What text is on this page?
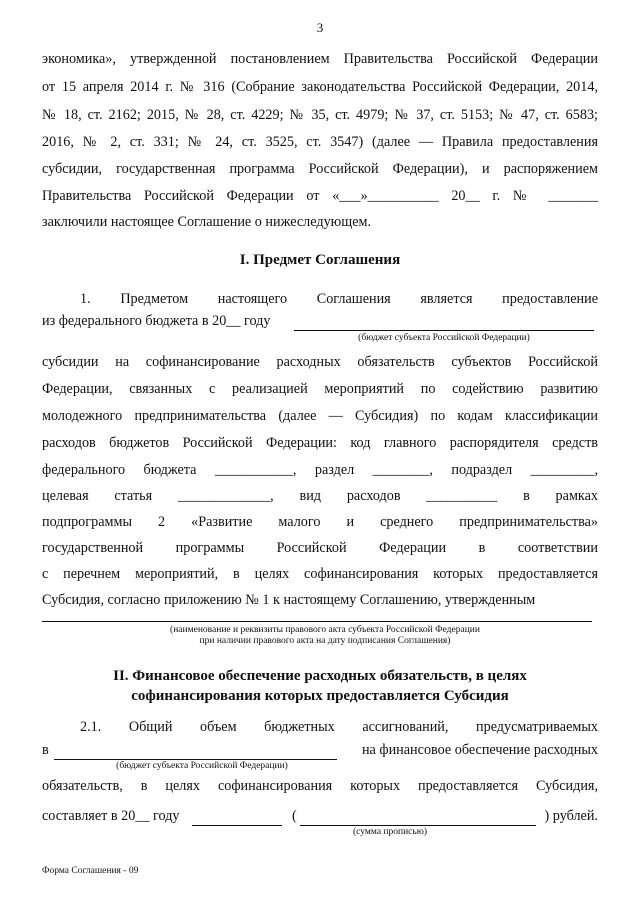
3
экономика», утвержденной постановлением Правительства Российской Федерации
от 15 апреля 2014 г. № 316 (Собрание законодательства Российской Федерации, 2014,
№ 18, ст. 2162; 2015, № 28, ст. 4229; № 35, ст. 4979; № 37, ст. 5153; № 47, ст. 6583;
2016, № 2, ст. 331; № 24, ст. 3525, ст. 3547) (далее — Правила предоставления
субсидии, государственная программа Российской Федерации), и распоряжением
Правительства Российской Федерации от «___»__________ 20__ г. № _______
заключили настоящее Соглашение о нижеследующем.
I. Предмет Соглашения
1. Предметом настоящего Соглашения является предоставление
из федерального бюджета в 20__ году
(бюджет субъекта Российской Федерации)
субсидии на софинансирование расходных обязательств субъектов Российской
Федерации, связанных с реализацией мероприятий по содействию развитию
молодежного предпринимательства (далее — Субсидия) по кодам классификации
расходов бюджетов Российской Федерации: код главного распорядителя средств
федерального бюджета ___________, раздел ________, подраздел _________,
целевая статья _____________, вид расходов __________ в рамках
подпрограммы 2 «Развитие малого и среднего предпринимательства»
государственной программы Российской Федерации в соответствии
с перечнем мероприятий, в целях софинансирования которых предоставляется
Субсидия, согласно приложению № 1 к настоящему Соглашению, утвержденным
(наименование и реквизиты правового акта субъекта Российской Федерации
при наличии правового акта на дату подписания Соглашения)
II. Финансовое обеспечение расходных обязательств, в целях
софинансирования которых предоставляется Субсидия
2.1. Общий объем бюджетных ассигнований, предусматриваемых
в	на финансовое обеспечение расходных
(бюджет субъекта Российской Федерации)
обязательств, в целях софинансирования которых предоставляется Субсидия,
составляет в 20__ году	(	) рублей.
(сумма прописью)
Форма Соглашения - 09
